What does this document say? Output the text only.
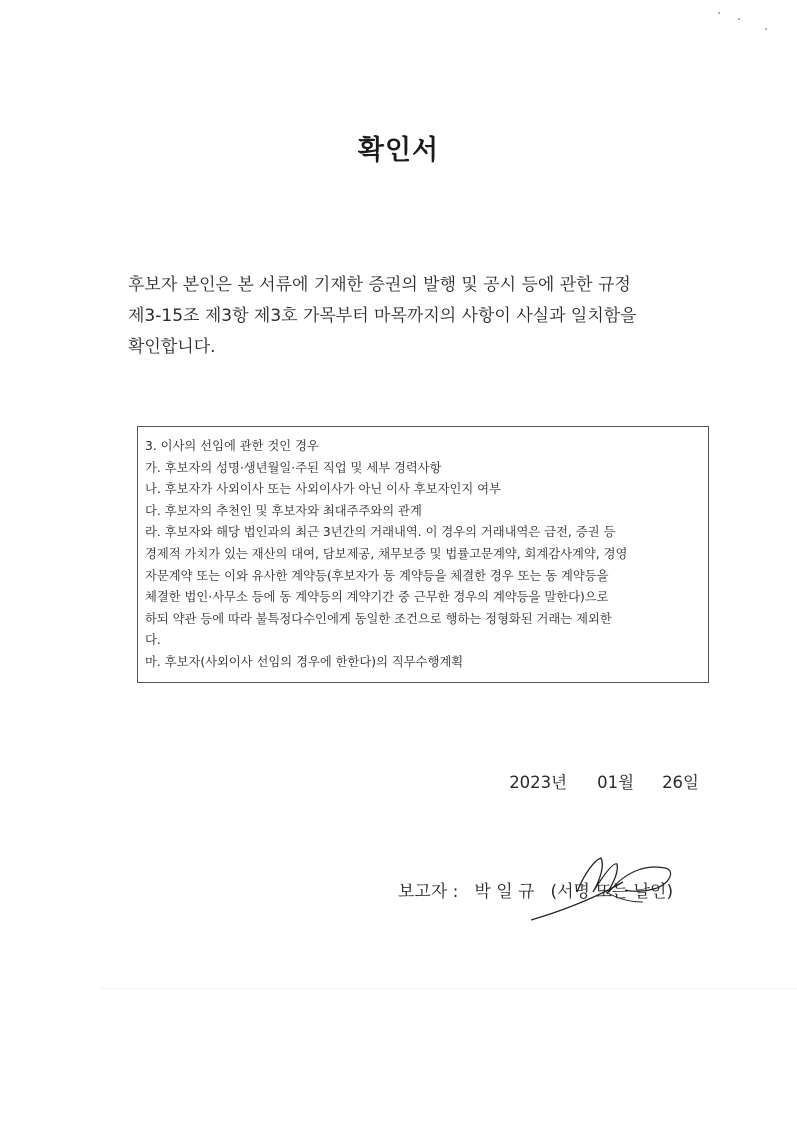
확인서
후보자 본인은 본 서류에 기재한 증권의 발행 및 공시 등에 관한 규정
제3-15조 제3항 제3호 가목부터 마목까지의 사항이 사실과 일치함을
확인합니다.
3. 이사의 선임에 관한 것인 경우
가. 후보자의 성명·생년월일·주된 직업 및 세부 경력사항
나. 후보자가 사외이사 또는 사외이사가 아닌 이사 후보자인지 여부
다. 후보자의 추천인 및 후보자와 최대주주와의 관계
라. 후보자와 해당 법인과의 최근 3년간의 거래내역. 이 경우의 거래내역은 금전, 증권 등
경제적 가치가 있는 재산의 대여, 담보제공, 채무보증 및 법률고문계약, 회계감사계약, 경영
자문계약 또는 이와 유사한 계약등(후보자가 동 계약등을 체결한 경우 또는 동 계약등을
체결한 법인·사무소 등에 동 계약등의 계약기간 중 근무한 경우의 계약등을 말한다)으로
하되 약관 등에 따라 불특정다수인에게 동일한 조건으로 행하는 정형화된 거래는 제외한
다.
마. 후보자(사외이사 선임의 경우에 한한다)의 직무수행계획
2023년 01월 26일
보고자 : 박 일 규 (서명 또는 날인)
